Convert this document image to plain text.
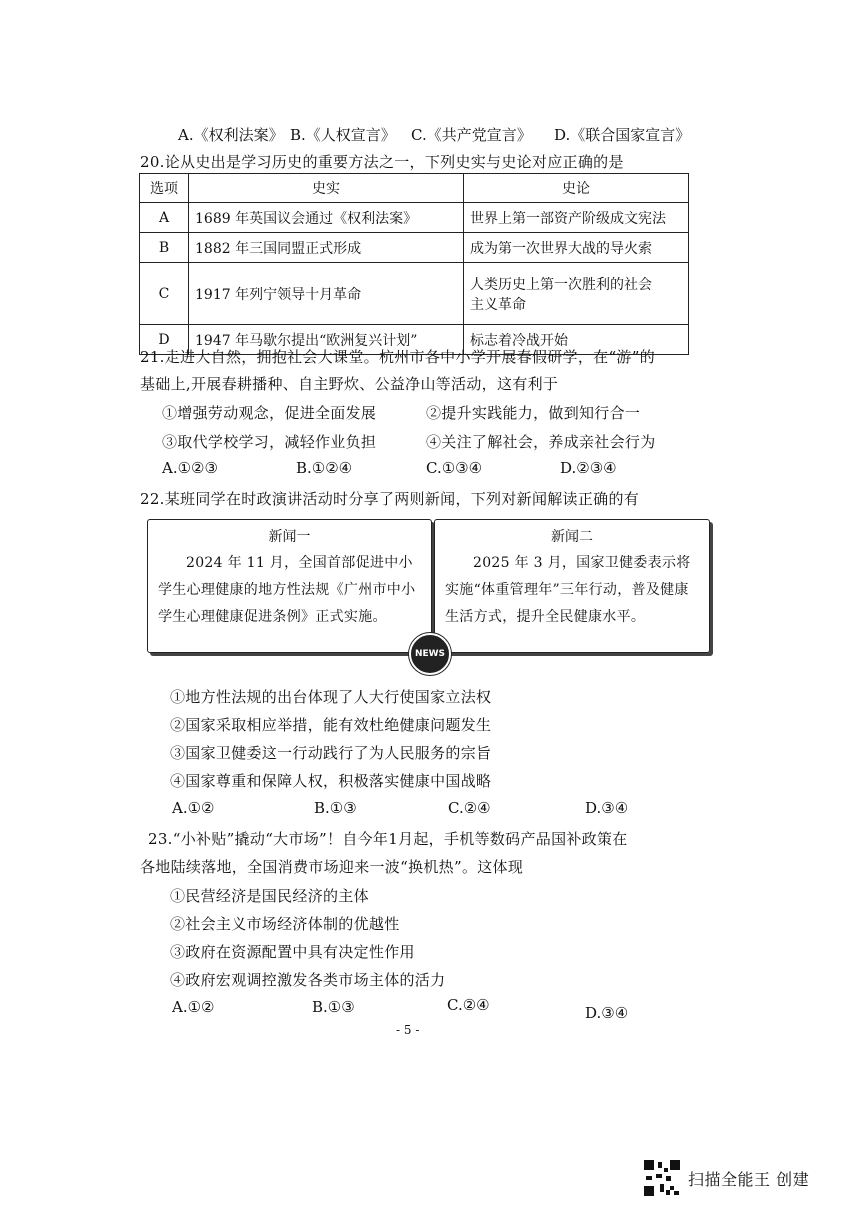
A.《权利法案》 B.《人权宣言》 C.《共产党宣言》 D.《联合国家宣言》
20.论从史出是学习历史的重要方法之一，下列史实与史论对应正确的是
选项	史实	史论
A	1689 年英国议会通过《权利法案》	世界上第一部资产阶级成文宪法
B	1882 年三国同盟正式形成	成为第一次世界大战的导火索
C	1917 年列宁领导十月革命	人类历史上第一次胜利的社会
主义革命

D	1947 年马歇尔提出“欧洲复兴计划”	标志着冷战开始
21.走进大自然，拥抱社会大课堂。杭州市各中小学开展春假研学，在“游”的
基础上,开展春耕播种、自主野炊、公益净山等活动，这有利于
①增强劳动观念，促进全面发展	②提升实践能力，做到知行合一
③取代学校学习，减轻作业负担	④关注了解社会，养成亲社会行为
A.①②③	B.①②④	C.①③④	D.②③④
22.某班同学在时政演讲活动时分享了两则新闻，下列对新闻解读正确的有
新闻一
2024 年 11 月，全国首部促进中小学生心理健康的地方性法规《广州市中小学生心理健康促进条例》正式实施。
新闻二
2025 年 3 月，国家卫健委表示将实施“体重管理年”三年行动，普及健康生活方式，提升全民健康水平。
NEWS
①地方性法规的出台体现了人大行使国家立法权
②国家采取相应举措，能有效杜绝健康问题发生
③国家卫健委这一行动践行了为人民服务的宗旨
④国家尊重和保障人权，积极落实健康中国战略
A.①②	B.①③	C.②④	D.③④
23.“小补贴”撬动“大市场”！自今年1月起，手机等数码产品国补政策在
各地陆续落地，全国消费市场迎来一波“换机热”。这体现
①民营经济是国民经济的主体
②社会主义市场经济体制的优越性
③政府在资源配置中具有决定性作用
④政府宏观调控激发各类市场主体的活力
A.①②	B.①③	C.②④	D.③④
- 5 -
扫描全能王 创建
